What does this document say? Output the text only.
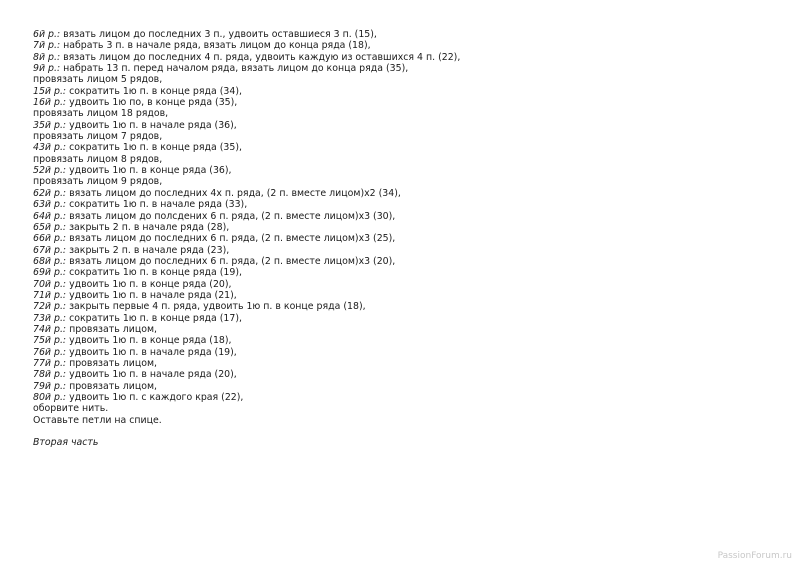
6й р.: вязать лицом до последних 3 п., удвоить оставшиеся 3 п. (15),
7й р.: набрать 3 п. в начале ряда, вязать лицом до конца ряда (18),
8й р.: вязать лицом до последних 4 п. ряда, удвоить каждую из оставшихся 4 п. (22),
9й р.: набрать 13 п. перед началом ряда, вязать лицом до конца ряда (35),
провязать лицом 5 рядов,
15й р.: сократить 1ю п. в конце ряда (34),
16й р.: удвоить 1ю по, в конце ряда (35),
провязать лицом 18 рядов,
35й р.: удвоить 1ю п. в начале ряда (36),
провязать лицом 7 рядов,
43й р.: сократить 1ю п. в конце ряда (35),
провязать лицом 8 рядов,
52й р.: удвоить 1ю п. в конце ряда (36),
провязать лицом 9 рядов,
62й р.: вязать лицом до последних 4х п. ряда, (2 п. вместе лицом)х2 (34),
63й р.: сократить 1ю п. в начале ряда (33),
64й р.: вязать лицом до полсдених 6 п. ряда, (2 п. вместе лицом)х3 (30),
65й р.: закрыть 2 п. в начале ряда (28),
66й р.: вязать лицом до последних 6 п. ряда, (2 п. вместе лицом)х3 (25),
67й р.: закрыть 2 п. в начале ряда (23),
68й р.: вязать лицом до последних 6 п. ряда, (2 п. вместе лицом)х3 (20),
69й р.: сократить 1ю п. в конце ряда (19),
70й р.: удвоить 1ю п. в конце ряда (20),
71й р.: удвоить 1ю п. в начале ряда (21),
72й р.: закрыть первые 4 п. ряда, удвоить 1ю п. в конце ряда (18),
73й р.: сократить 1ю п. в конце ряда (17),
74й р.: провязать лицом,
75й р.: удвоить 1ю п. в конце ряда (18),
76й р.: удвоить 1ю п. в начале ряда (19),
77й р.: провязать лицом,
78й р.: удвоить 1ю п. в начале ряда (20),
79й р.: провязать лицом,
80й р.: удвоить 1ю п. с каждого края (22),
оборвите нить.
Оставьте петли на спице.
Вторая часть
PassionForum.ru
